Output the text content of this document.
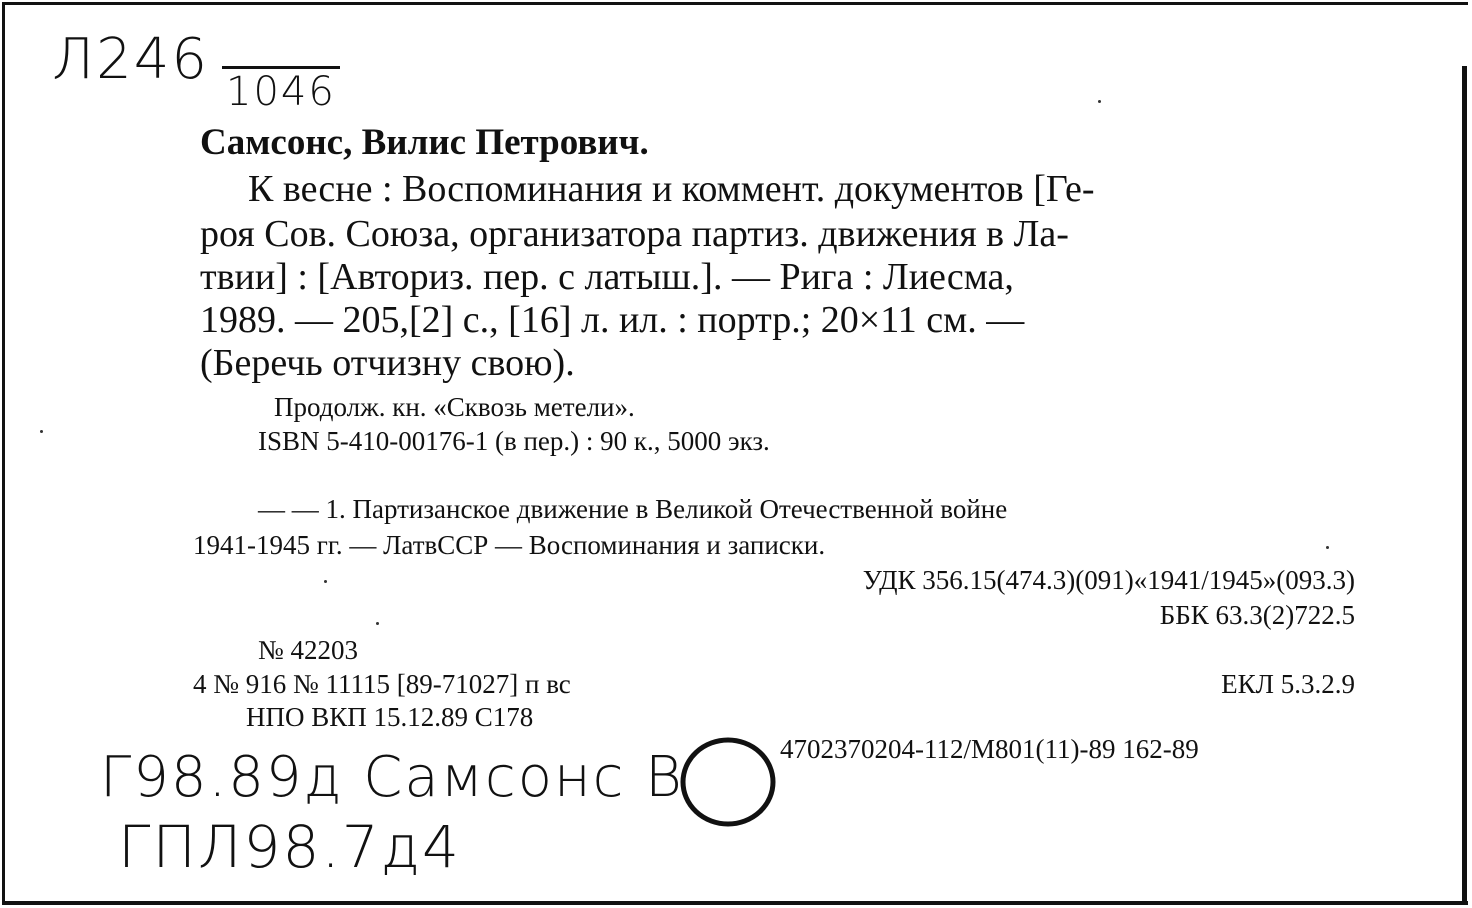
Л246 1046
Самсонс, Вилис Петрович.
К весне : Воспоминания и коммент. документов [Ге-
роя Сов. Союза, организатора партиз. движения в Ла-
твии] : [Авториз. пер. с латыш.]. — Рига : Лиесма,
1989. — 205,[2] с., [16] л. ил. : портр.; 20×11 см. —
(Беречь отчизну свою).
Продолж. кн. «Сквозь метели».
ISBN 5-410-00176-1 (в пер.) : 90 к., 5000 экз.
— — 1. Партизанское движение в Великой Отечественной войне
1941-1945 гг. — ЛатвССР — Воспоминания и записки.
УДК 356.15(474.3)(091)«1941/1945»(093.3)
ББК 63.3(2)722.5
№ 42203
4 № 916 № 11115 [89-71027] п вс	ЕКЛ 5.3.2.9
НПО ВКП 15.12.89 С178
4702370204-112/М801(11)-89 162-89
Г98.89д Самсонс В
ГПЛ98.7д4
